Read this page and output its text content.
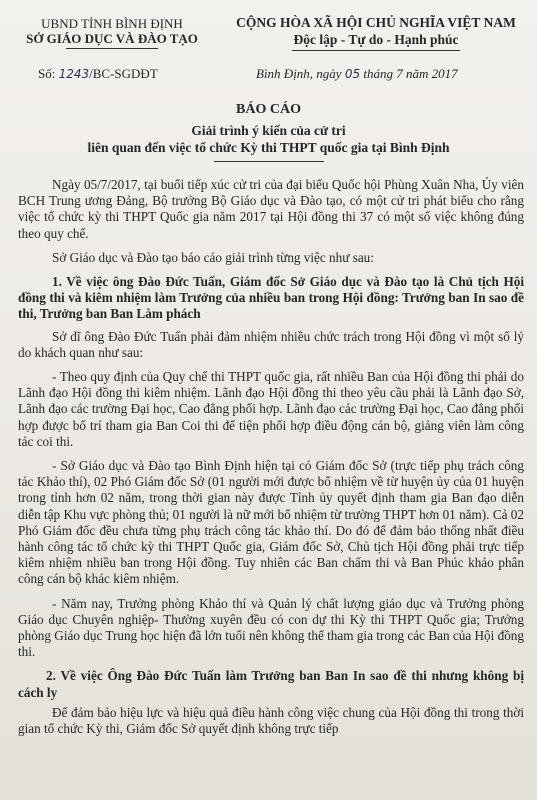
UBND TỈNH BÌNH ĐỊNH
SỞ GIÁO DỤC VÀ ĐÀO TẠO
CỘNG HÒA XÃ HỘI CHỦ NGHĨA VIỆT NAM
Độc lập - Tự do - Hạnh phúc
Số: 1243/BC-SGDĐT	Bình Định, ngày 05 tháng 7 năm 2017
BÁO CÁO
Giải trình ý kiến của cử tri
liên quan đến việc tổ chức Kỳ thi THPT quốc gia tại Bình Định

Ngày 05/7/2017, tại buổi tiếp xúc cử tri của đại biểu Quốc hội Phùng Xuân Nha, Ủy viên BCH Trung ương Đảng, Bộ trưởng Bộ Giáo dục và Đào tạo, có một cử tri phát biểu cho rằng việc tổ chức kỳ thi THPT Quốc gia năm 2017 tại Hội đồng thi 37 có một số việc không đúng theo quy chế.

Sở Giáo dục và Đào tạo báo cáo giải trình từng việc như sau:

1. Về việc ông Đào Đức Tuấn, Giám đốc Sở Giáo dục và Đào tạo là Chủ tịch Hội đồng thi và kiêm nhiệm làm Trưởng của nhiều ban trong Hội đồng: Trưởng ban In sao đề thi, Trưởng ban Ban Làm phách

Sở dĩ ông Đào Đức Tuấn phải đảm nhiệm nhiều chức trách trong Hội đồng vì một số lý do khách quan như sau:

- Theo quy định của Quy chế thi THPT quốc gia, rất nhiều Ban của Hội đồng thi phải do Lãnh đạo Hội đồng thi kiêm nhiệm. Lãnh đạo Hội đồng thi theo yêu cầu phải là Lãnh đạo Sở, Lãnh đạo các trường Đại học, Cao đẳng phối hợp. Lãnh đạo các trường Đại học, Cao đẳng phối hợp được bố trí tham gia Ban Coi thi để tiện phối hợp điều động cán bộ, giảng viên làm công tác coi thi.

- Sở Giáo dục và Đào tạo Bình Định hiện tại có Giám đốc Sở (trực tiếp phụ trách công tác Khảo thí), 02 Phó Giám đốc Sở (01 người mới được bổ nhiệm về từ huyện ủy của 01 huyện trong tỉnh hơn 02 năm, trong thời gian này được Tỉnh ủy quyết định tham gia Ban đạo diễn diễn tập Khu vực phòng thủ; 01 người là nữ mới bổ nhiệm từ trường THPT hơn 01 năm). Cả 02 Phó Giám đốc đều chưa từng phụ trách công tác khảo thí. Do đó để đảm bảo thống nhất điều hành công tác tổ chức kỳ thi THPT Quốc gia, Giám đốc Sở, Chủ tịch Hội đồng phải trực tiếp kiêm nhiệm nhiều ban trong Hội đồng. Tuy nhiên các Ban chấm thi và Ban Phúc khảo phân công cán bộ khác kiêm nhiệm.

- Năm nay, Trưởng phòng Khảo thí và Quản lý chất lượng giáo dục và Trưởng phòng Giáo dục Chuyên nghiệp- Thường xuyên đều có con dự thi Kỳ thi THPT Quốc gia; Trưởng phòng Giáo dục Trung học hiện đã lớn tuổi nên không thể tham gia trong các Ban của Hội đồng thi.

2. Về việc Ông Đào Đức Tuấn làm Trưởng ban Ban In sao đề thi nhưng không bị cách ly

Để đảm bảo hiệu lực và hiệu quả điều hành công việc chung của Hội đồng thi trong thời gian tổ chức Kỳ thi, Giám đốc Sở quyết định không trực tiếp
